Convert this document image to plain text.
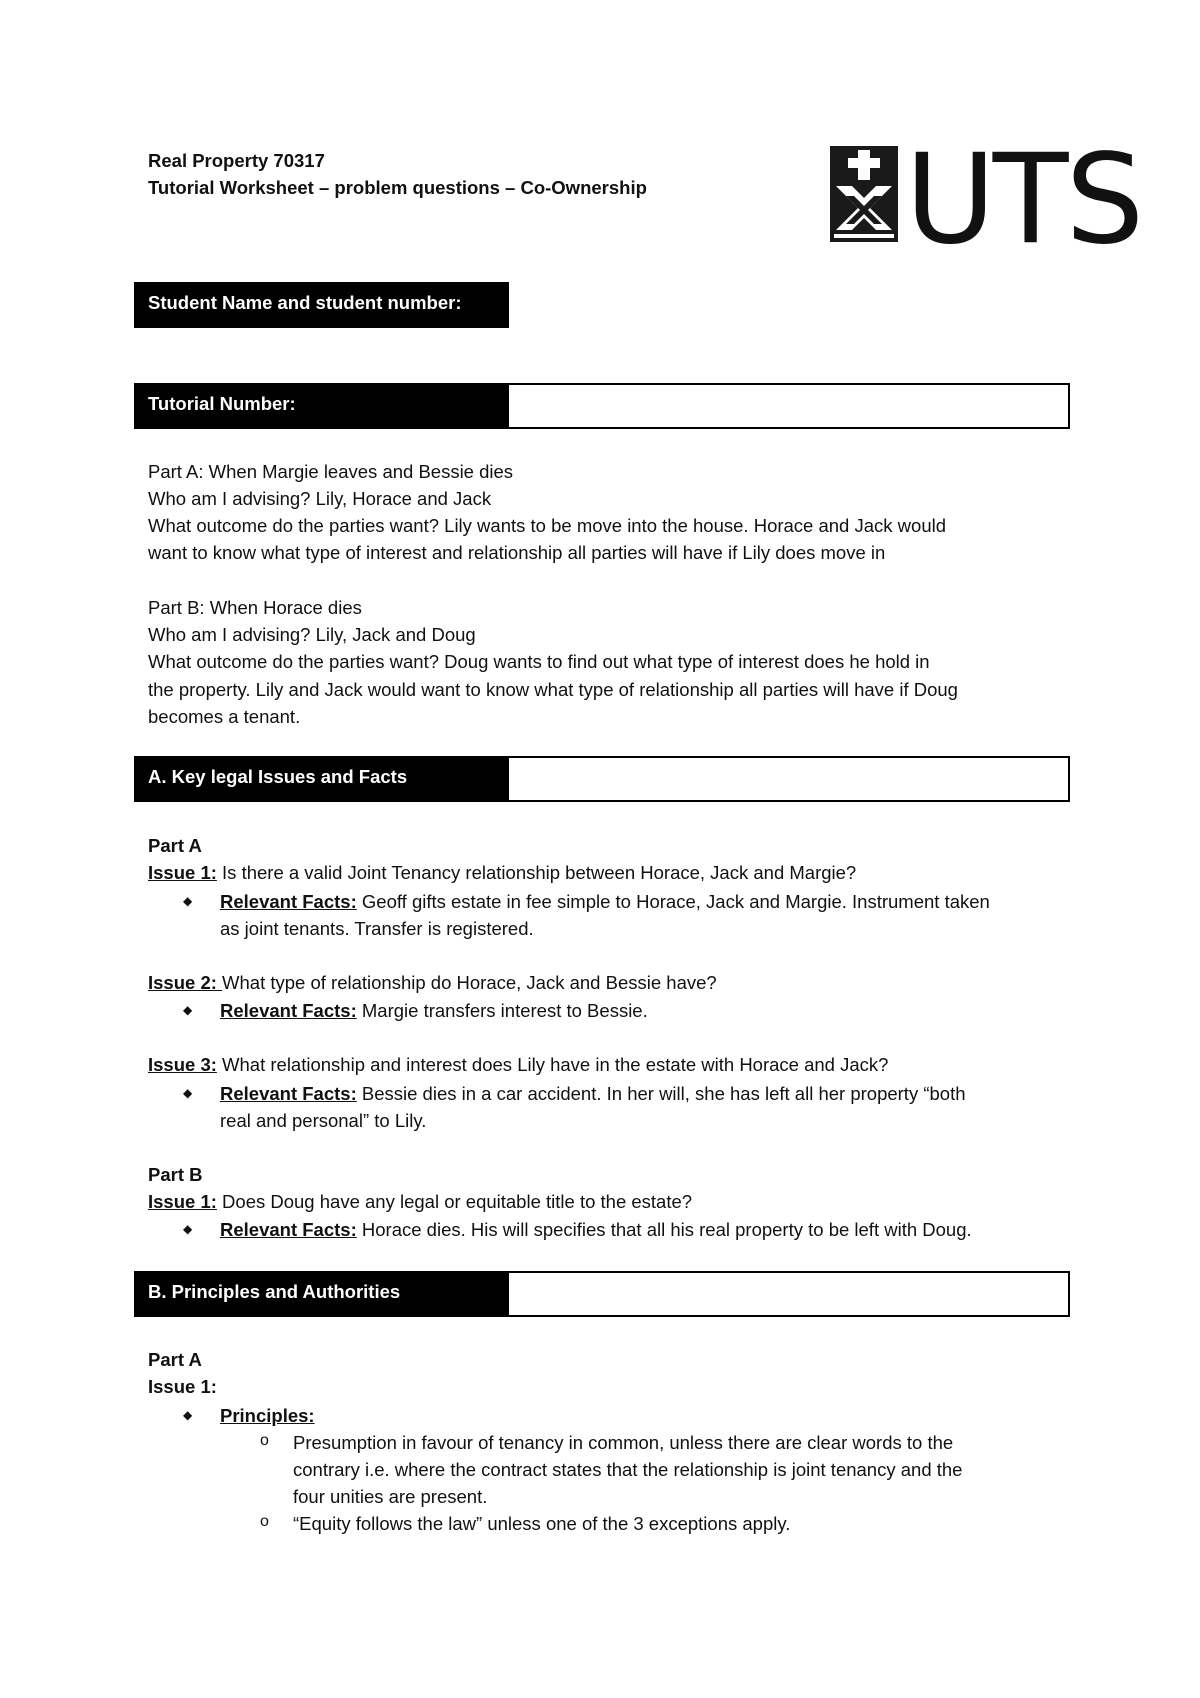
Real Property 70317
Tutorial Worksheet – problem questions – Co-Ownership UTS
Student Name and student number:
Tutorial Number:
Part A: When Margie leaves and Bessie dies
Who am I advising? Lily, Horace and Jack
What outcome do the parties want? Lily wants to be move into the house. Horace and Jack would
want to know what type of interest and relationship all parties will have if Lily does move in
Part B: When Horace dies
Who am I advising? Lily, Jack and Doug
What outcome do the parties want? Doug wants to find out what type of interest does he hold in
the property. Lily and Jack would want to know what type of relationship all parties will have if Doug
becomes a tenant.
A. Key legal Issues and Facts
Part A
Issue 1: Is there a valid Joint Tenancy relationship between Horace, Jack and Margie?
◆ Relevant Facts: Geoff gifts estate in fee simple to Horace, Jack and Margie. Instrument taken
as joint tenants. Transfer is registered.
Issue 2: What type of relationship do Horace, Jack and Bessie have?
◆ Relevant Facts: Margie transfers interest to Bessie.
Issue 3: What relationship and interest does Lily have in the estate with Horace and Jack?
◆ Relevant Facts: Bessie dies in a car accident. In her will, she has left all her property “both
real and personal” to Lily.
Part B
Issue 1: Does Doug have any legal or equitable title to the estate?
◆ Relevant Facts: Horace dies. His will specifies that all his real property to be left with Doug.
B. Principles and Authorities
Part A
Issue 1:
◆ Principles:
o Presumption in favour of tenancy in common, unless there are clear words to the
contrary i.e. where the contract states that the relationship is joint tenancy and the
four unities are present.
o “Equity follows the law” unless one of the 3 exceptions apply.
